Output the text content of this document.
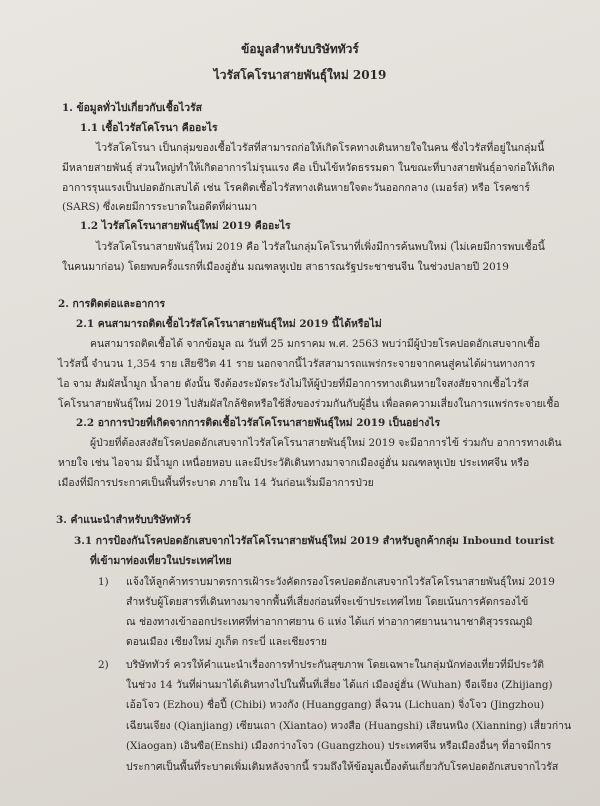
ข้อมูลสำหรับบริษัททัวร์
ไวรัสโคโรนาสายพันธุ์ใหม่ 2019
1. ข้อมูลทั่วไปเกี่ยวกับเชื้อไวรัส
1.1 เชื้อไวรัสโคโรนา คืออะไร
ไวรัสโคโรนา เป็นกลุ่มของเชื้อไวรัสที่สามารถก่อให้เกิดโรคทางเดินหายใจในคน ซึ่งไวรัสที่อยู่ในกลุ่มนี้
มีหลายสายพันธุ์ ส่วนใหญ่ทำให้เกิดอาการไม่รุนแรง คือ เป็นไข้หวัดธรรมดา ในขณะที่บางสายพันธุ์อาจก่อให้เกิด
อาการรุนแรงเป็นปอดอักเสบได้ เช่น โรคติดเชื้อไวรัสทางเดินหายใจตะวันออกกลาง (เมอร์ส) หรือ โรคซาร์
(SARS) ซึ่งเคยมีการระบาดในอดีตที่ผ่านมา
1.2 ไวรัสโคโรนาสายพันธุ์ใหม่ 2019 คืออะไร
ไวรัสโคโรนาสายพันธุ์ใหม่ 2019 คือ ไวรัสในกลุ่มโคโรนาที่เพิ่งมีการค้นพบใหม่ (ไม่เคยมีการพบเชื้อนี้
ในคนมาก่อน) โดยพบครั้งแรกที่เมืองอู่ฮั่น มณฑลหูเป่ย สาธารณรัฐประชาชนจีน ในช่วงปลายปี 2019
2. การติดต่อและอาการ
2.1 คนสามารถติดเชื้อไวรัสโคโรนาสายพันธุ์ใหม่ 2019 นี้ได้หรือไม่
คนสามารถติดเชื้อได้ จากข้อมูล ณ วันที่ 25 มกราคม พ.ศ. 2563 พบว่ามีผู้ป่วยโรคปอดอักเสบจากเชื้อ
ไวรัสนี้ จำนวน 1,354 ราย เสียชีวิต 41 ราย นอกจากนี้ไวรัสสามารถแพร่กระจายจากคนสู่คนได้ผ่านทางการ
ไอ จาม สัมผัสน้ำมูก น้ำลาย ดังนั้น จึงต้องระมัดระวังไม่ให้ผู้ป่วยที่มีอาการทางเดินหายใจสงสัยจากเชื้อไวรัส
โคโรนาสายพันธุ์ใหม่ 2019 ไปสัมผัสใกล้ชิดหรือใช้สิ่งของร่วมกันกับผู้อื่น เพื่อลดความเสี่ยงในการแพร่กระจายเชื้อ
2.2 อาการป่วยที่เกิดจากการติดเชื้อไวรัสโคโรนาสายพันธุ์ใหม่ 2019 เป็นอย่างไร
ผู้ป่วยที่ต้องสงสัยโรคปอดอักเสบจากไวรัสโคโรนาสายพันธุ์ใหม่ 2019 จะมีอาการไข้ ร่วมกับ อาการทางเดิน
หายใจ เช่น ไอจาม มีน้ำมูก เหนื่อยหอบ และมีประวัติเดินทางมาจากเมืองอู่ฮั่น มณฑลหูเป่ย ประเทศจีน หรือ
เมืองที่มีการประกาศเป็นพื้นที่ระบาด ภายใน 14 วันก่อนเริ่มมีอาการป่วย
3. คำแนะนำสำหรับบริษัททัวร์
3.1 การป้องกันโรคปอดอักเสบจากไวรัสโคโรนาสายพันธุ์ใหม่ 2019 สำหรับลูกค้ากลุ่ม Inbound tourist
ที่เข้ามาท่องเที่ยวในประเทศไทย
1) แจ้งให้ลูกค้าทราบมาตรการเฝ้าระวังคัดกรองโรคปอดอักเสบจากไวรัสโคโรนาสายพันธุ์ใหม่ 2019
สำหรับผู้โดยสารที่เดินทางมาจากพื้นที่เสี่ยงก่อนที่จะเข้าประเทศไทย โดยเน้นการคัดกรองไข้
ณ ช่องทางเข้าออกประเทศที่ท่าอากาศยาน 6 แห่ง ได้แก่ ท่าอากาศยานนานาชาติสุวรรณภูมิ
ดอนเมือง เชียงใหม่ ภูเก็ต กระบี่ และเชียงราย
2) บริษัททัวร์ ควรให้คำแนะนำเรื่องการทำประกันสุขภาพ โดยเฉพาะในกลุ่มนักท่องเที่ยวที่มีประวัติ
ในช่วง 14 วันที่ผ่านมาได้เดินทางไปในพื้นที่เสี่ยง ได้แก่ เมืองอู่ฮั่น (Wuhan) จือเจียง (Zhijiang)
เอ้อโจว (Ezhou) ชื่อปี้ (Chibi) หวงกัง (Huanggang) ลี่ฉวน (Lichuan) จิ่งโจว (Jingzhou)
เฉียนเจียง (Qianjiang) เซียนเถา (Xiantao) หวงสือ (Huangshi) เสียนหนิง (Xianning) เสี่ยวก่าน
(Xiaogan) เอินซือ(Enshi) เมืองกว่างโจว (Guangzhou) ประเทศจีน หรือเมืองอื่นๆ ที่อาจมีการ
ประกาศเป็นพื้นที่ระบาดเพิ่มเติมหลังจากนี้ รวมถึงให้ข้อมูลเบื้องต้นเกี่ยวกับโรคปอดอักเสบจากไวรัส
